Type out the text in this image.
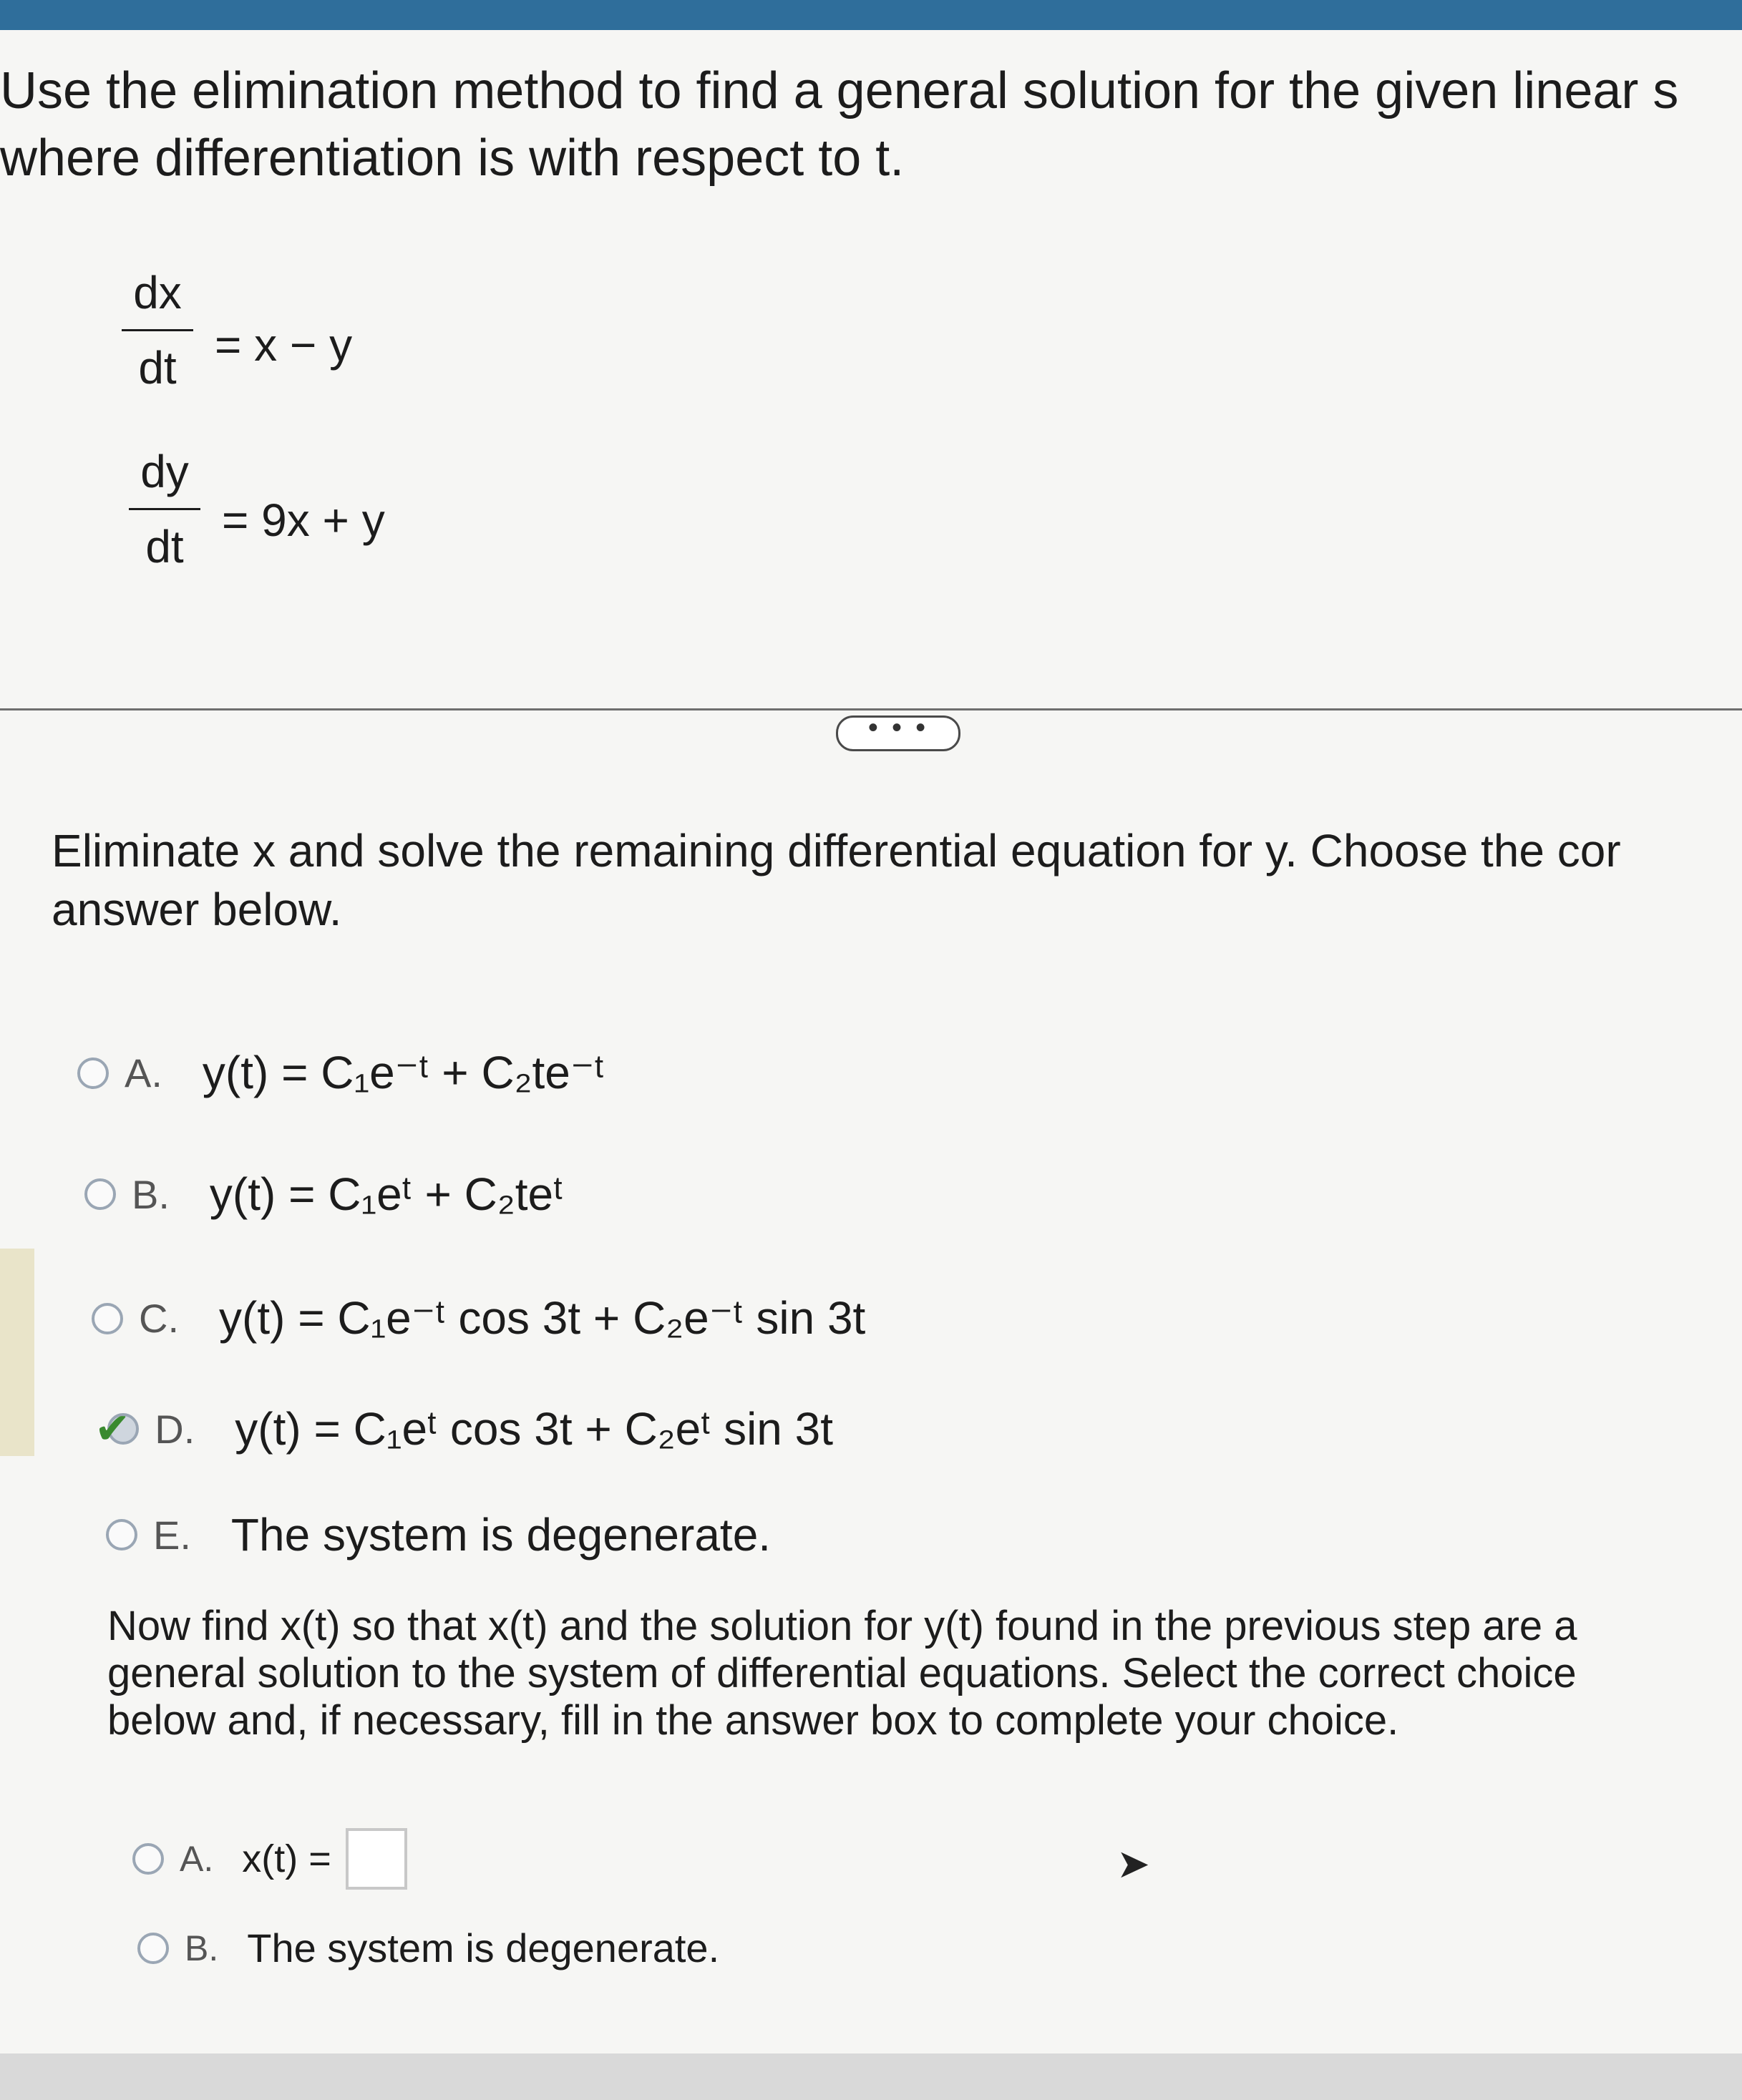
Use the elimination method to find a general solution for the given linear s
where differentiation is with respect to t.
dx
dt = x − y
dy
dt
= 9x + y
• • •
Eliminate x and solve the remaining differential equation for y. Choose the cor
answer below.
A. y(t) = C₁e⁻ᵗ + C₂te⁻ᵗ
B. y(t) = C₁eᵗ + C₂teᵗ
C. y(t) = C₁e⁻ᵗ cos 3t + C₂e⁻ᵗ sin 3t
✔ D. y(t) = C₁eᵗ cos 3t + C₂eᵗ sin 3t
E. The system is degenerate.
Now find x(t) so that x(t) and the solution for y(t) found in the previous step are a
general solution to the system of differential equations. Select the correct choice
below and, if necessary, fill in the answer box to complete your choice.
A. x(t) =
B. The system is degenerate.
➤
